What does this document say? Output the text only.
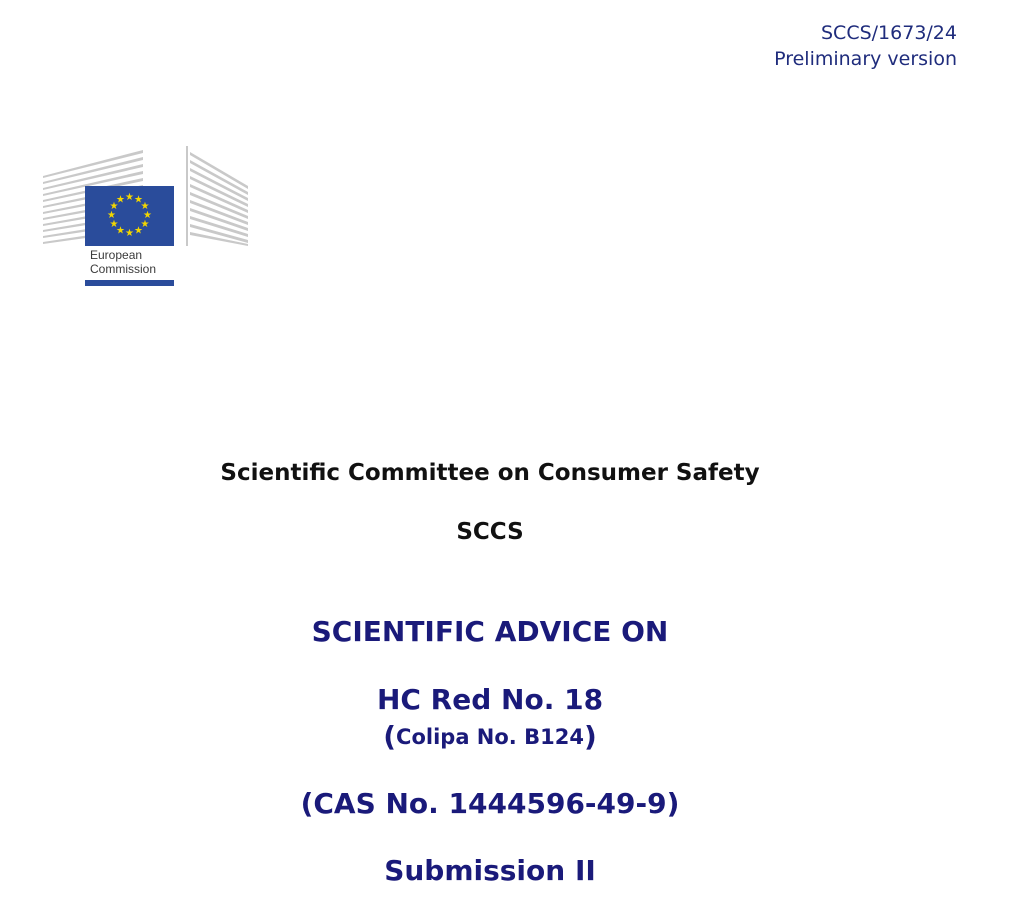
SCCS/1673/24
Preliminary version
★ ★
★
★
★
★
★
★
★
★
★
★
European
Commission
Scientific Committee on Consumer Safety
SCCS
SCIENTIFIC ADVICE ON
HC Red No. 18
(Colipa No. B124)
(CAS No. 1444596-49-9)
Submission II
